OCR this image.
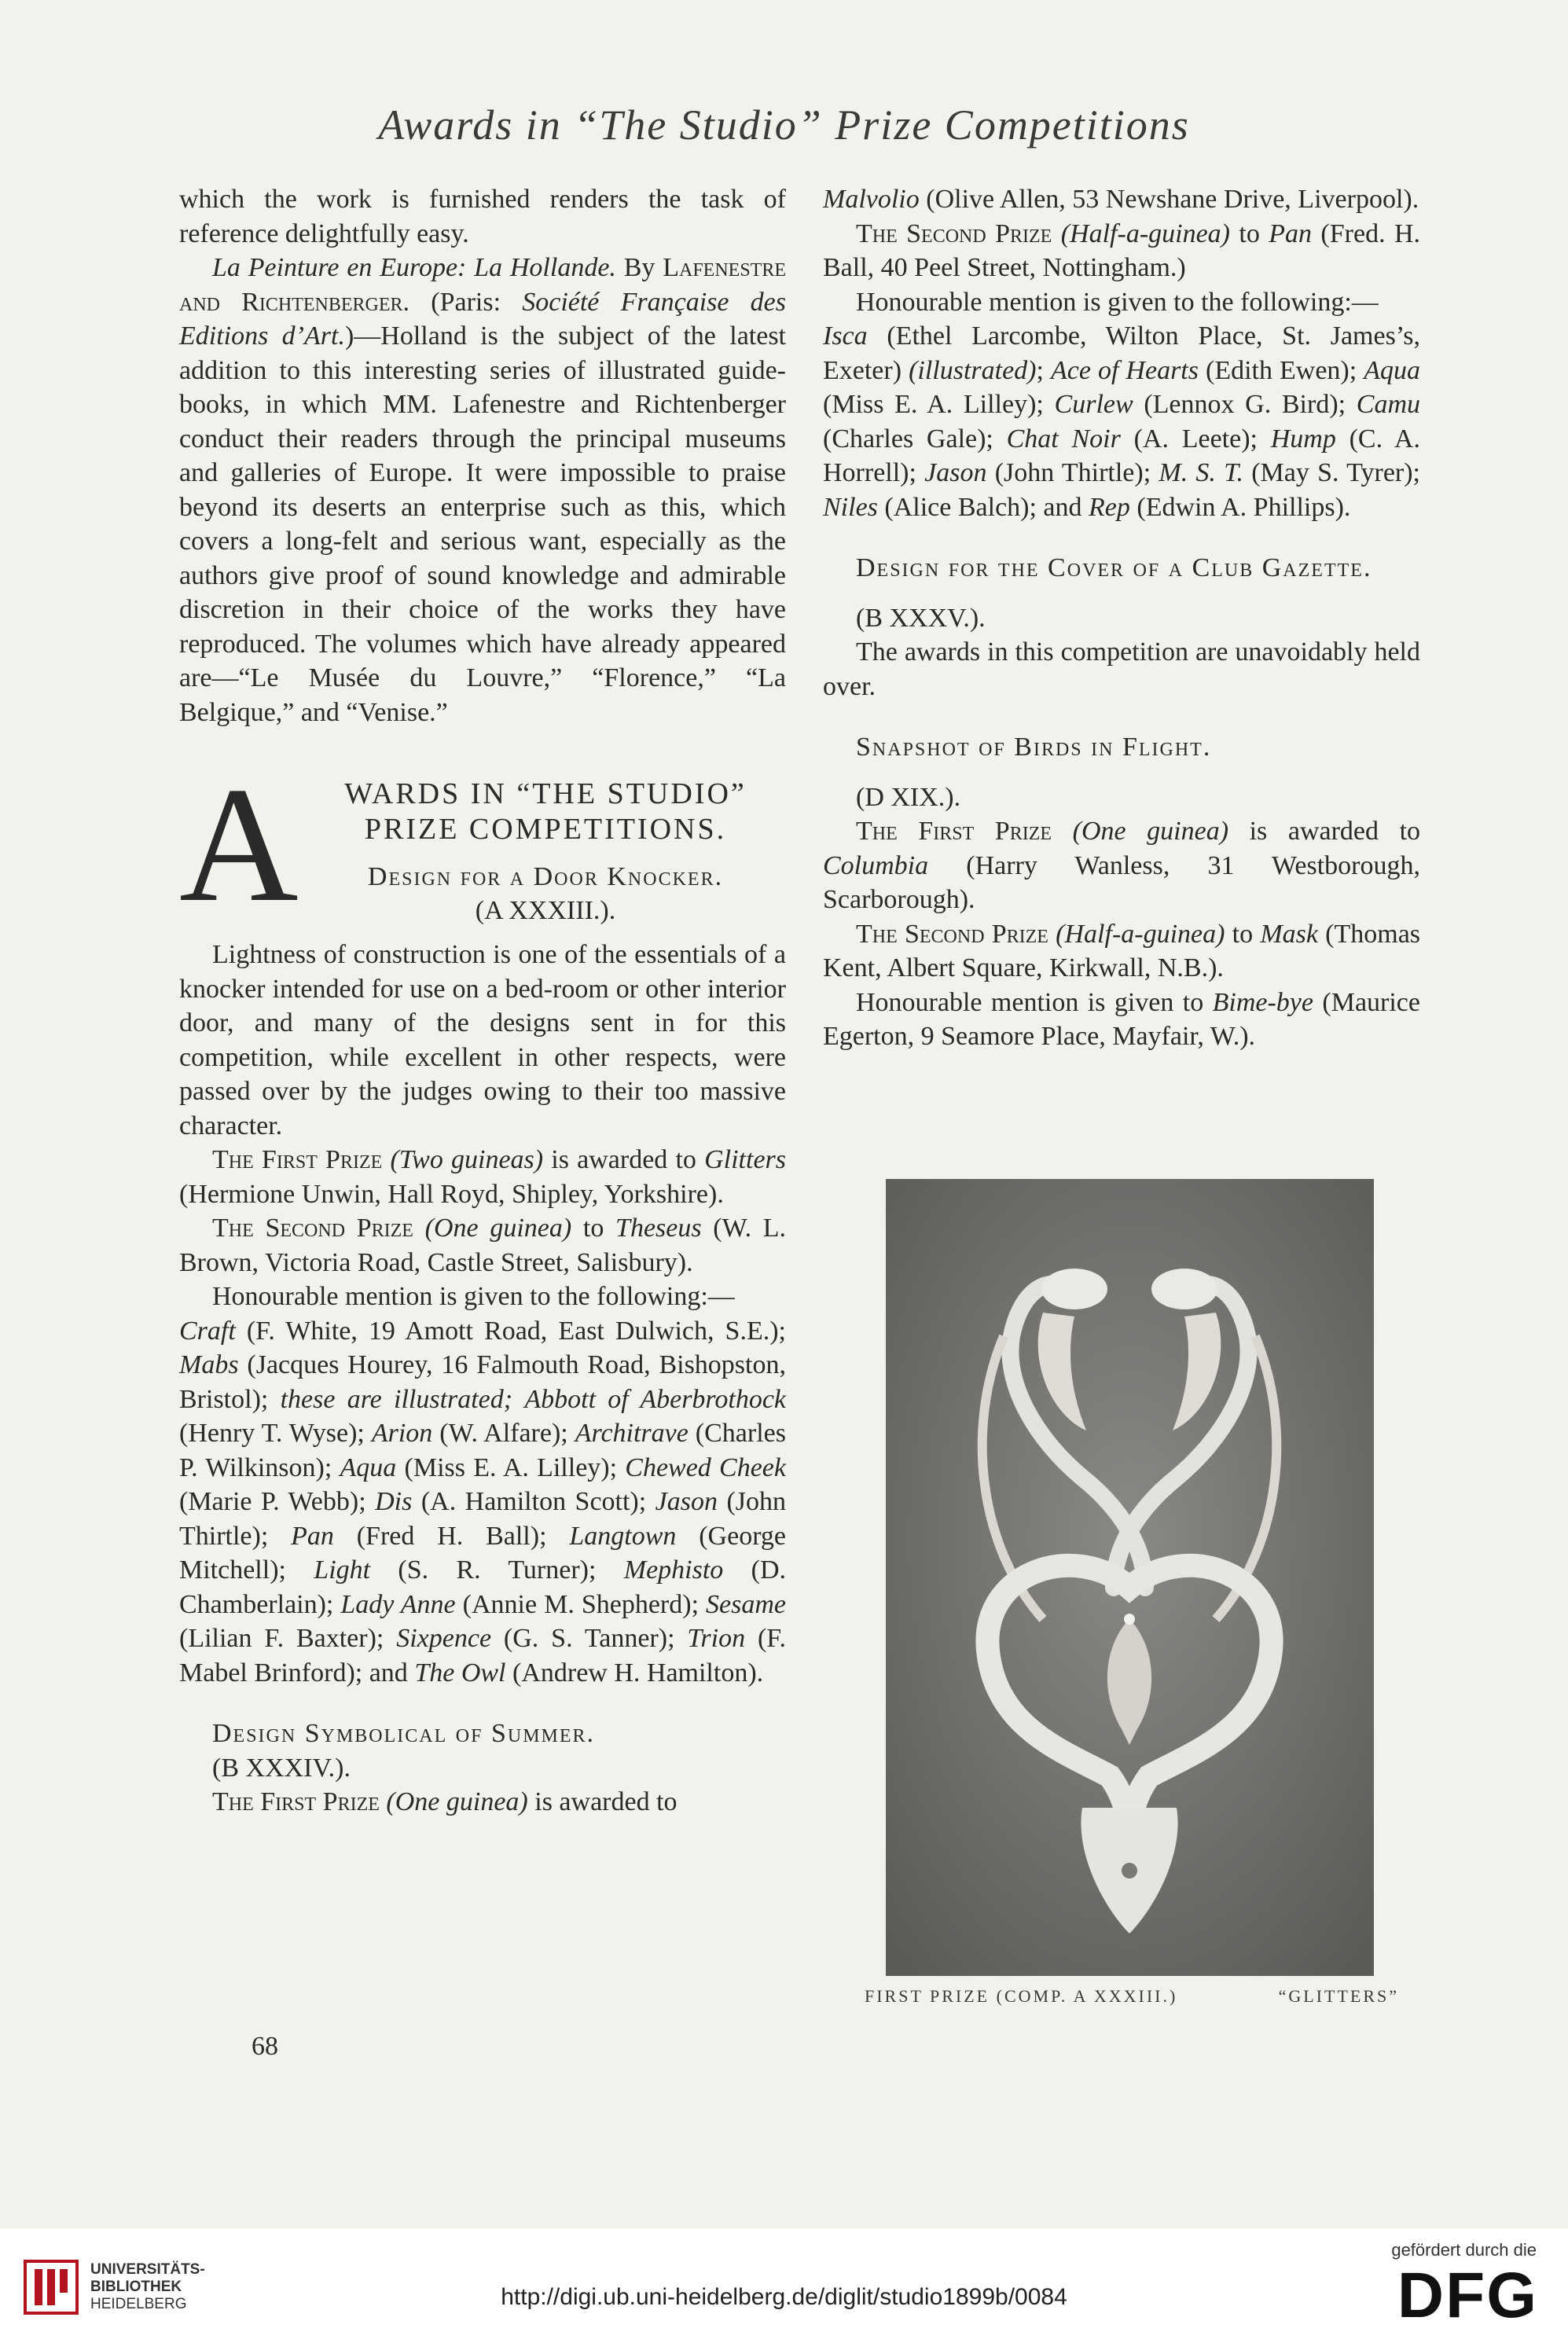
Awards in “The Studio” Prize Competitions

which the work is furnished renders the task of reference delightfully easy.

La Peinture en Europe: La Hollande. By Lafenestre and Richtenberger. (Paris: Société Française des Editions d’Art.)—Holland is the subject of the latest addition to this interesting series of illustrated guide-books, in which MM. Lafenestre and Richtenberger conduct their readers through the principal museums and galleries of Europe. It were impossible to praise beyond its deserts an enterprise such as this, which covers a long-felt and serious want, especially as the authors give proof of sound knowledge and admirable discretion in their choice of the works they have reproduced. The volumes which have already appeared are—“Le Musée du Louvre,” “Florence,” “La Belgique,” and “Venise.”

A	WARDS IN “THE STUDIO”
PRIZE COMPETITIONS.
Design for a Door Knocker.
(A XXXIII.).

Lightness of construction is one of the essentials of a knocker intended for use on a bed-room or other interior door, and many of the designs sent in for this competition, while excellent in other respects, were passed over by the judges owing to their too massive character.

The First Prize (Two guineas) is awarded to Glitters (Hermione Unwin, Hall Royd, Shipley, Yorkshire).

The Second Prize (One guinea) to Theseus (W. L. Brown, Victoria Road, Castle Street, Salisbury).

Honourable mention is given to the following:—

Craft (F. White, 19 Amott Road, East Dulwich, S.E.); Mabs (Jacques Hourey, 16 Falmouth Road, Bishopston, Bristol); these are illustrated; Abbott of Aberbrothock (Henry T. Wyse); Arion (W. Alfare); Architrave (Charles P. Wilkinson); Aqua (Miss E. A. Lilley); Chewed Cheek (Marie P. Webb); Dis (A. Hamilton Scott); Jason (John Thirtle); Pan (Fred H. Ball); Langtown (George Mitchell); Light (S. R. Turner); Mephisto (D. Chamberlain); Lady Anne (Annie M. Shepherd); Sesame (Lilian F. Baxter); Sixpence (G. S. Tanner); Trion (F. Mabel Brinford); and The Owl (Andrew H. Hamilton).

Design Symbolical of Summer.

(B XXXIV.).

The First Prize (One guinea) is awarded to

Malvolio (Olive Allen, 53 Newshane Drive, Liverpool).

The Second Prize (Half-a-guinea) to Pan (Fred. H. Ball, 40 Peel Street, Nottingham.)

Honourable mention is given to the following:—

Isca (Ethel Larcombe, Wilton Place, St. James’s, Exeter) (illustrated); Ace of Hearts (Edith Ewen); Aqua (Miss E. A. Lilley); Curlew (Lennox G. Bird); Camu (Charles Gale); Chat Noir (A. Leete); Hump (C. A. Horrell); Jason (John Thirtle); M. S. T. (May S. Tyrer); Niles (Alice Balch); and Rep (Edwin A. Phillips).

Design for the Cover of a Club Gazette.

(B XXXV.).

The awards in this competition are unavoidably held over.

Snapshot of Birds in Flight.

(D XIX.).

The First Prize (One guinea) is awarded to Columbia (Harry Wanless, 31 Westborough, Scarborough).

The Second Prize (Half-a-guinea) to Mask (Thomas Kent, Albert Square, Kirkwall, N.B.).

Honourable mention is given to Bime-bye (Maurice Egerton, 9 Seamore Place, Mayfair, W.).

FIRST PRIZE (COMP. A XXXIII.)	“GLITTERS”
68
UNIVERSITÄTS-
BIBLIOTHEK
HEIDELBERG	http://digi.ub.uni-heidelberg.de/diglit/studio1899b/0084
gefördert durch die
DFG
